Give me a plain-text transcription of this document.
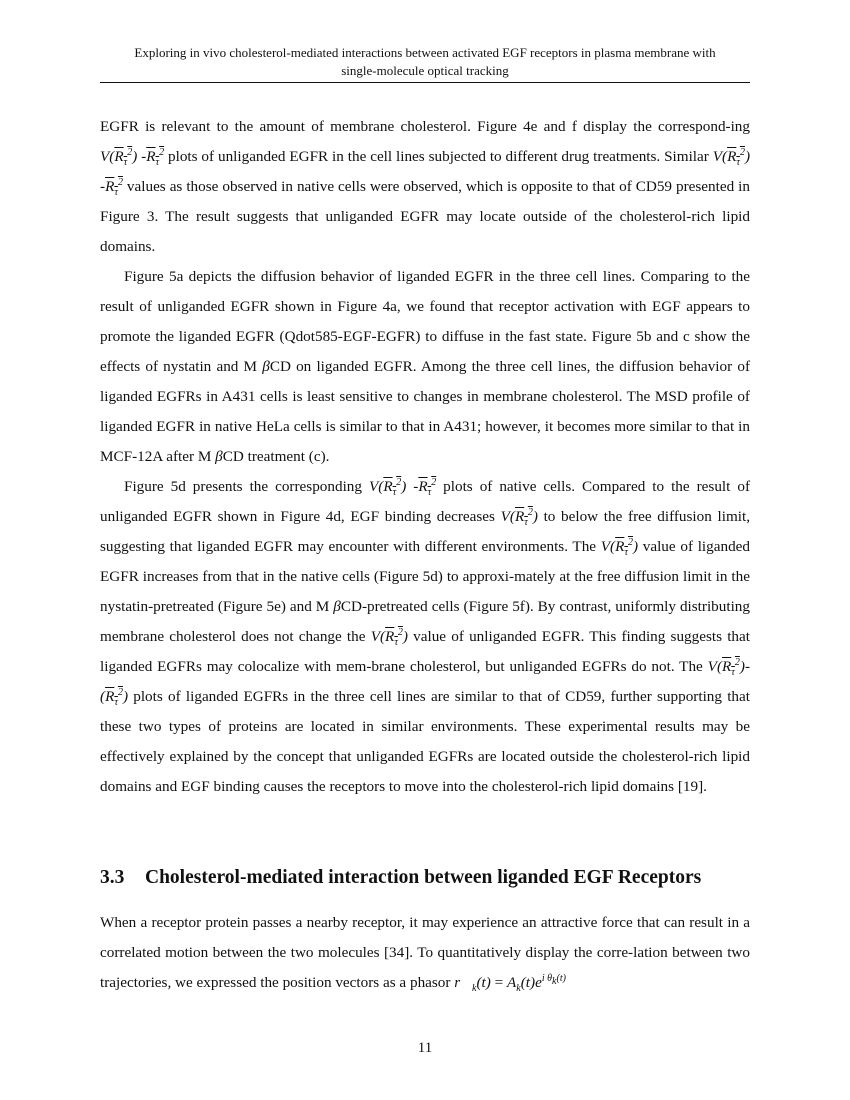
Exploring in vivo cholesterol-mediated interactions between activated EGF receptors in plasma membrane with
single-molecule optical tracking

EGFR is relevant to the amount of membrane cholesterol. Figure 4e and f display the correspond-ing $V(R_\tau^2)$ $-R_\tau^2$ plots of unliganded EGFR in the cell lines subjected to different drug treatments. Similar $V(R_\tau^2)$ $-R_\tau^2$ values as those observed in native cells were observed, which is opposite to that of CD59 presented in Figure 3. The result suggests that unliganded EGFR may locate outside of the cholesterol-rich lipid domains.

Figure 5a depicts the diffusion behavior of liganded EGFR in the three cell lines. Comparing to the result of unliganded EGFR shown in Figure 4a, we found that receptor activation with EGF appears to promote the liganded EGFR (Qdot585-EGF-EGFR) to diffuse in the fast state. Figure 5b and c show the effects of nystatin and M βCD on liganded EGFR. Among the three cell lines, the diffusion behavior of liganded EGFRs in A431 cells is least sensitive to changes in membrane cholesterol. The MSD profile of liganded EGFR in native HeLa cells is similar to that in A431; however, it becomes more similar to that in MCF-12A after M βCD treatment (c).

Figure 5d presents the corresponding $V(R_\tau^2)$ $-R_\tau^2$ plots of native cells. Compared to the result of unliganded EGFR shown in Figure 4d, EGF binding decreases $V(R_\tau^2)$ to below the free diffusion limit, suggesting that liganded EGFR may encounter with different environments. The $V(R_\tau^2)$ value of liganded EGFR increases from that in the native cells (Figure 5d) to approxi-mately at the free diffusion limit in the nystatin-pretreated (Figure 5e) and M βCD-pretreated cells (Figure 5f). By contrast, uniformly distributing membrane cholesterol does not change the $V(R_\tau^2)$ value of unliganded EGFR. This finding suggests that liganded EGFRs may colocalize with mem-brane cholesterol, but unliganded EGFRs do not. The $V(R_\tau^2)-$ $(R_\tau^2)$ plots of liganded EGFRs in the three cell lines are similar to that of CD59, further supporting that these two types of proteins are located in similar environments. These experimental results may be effectively explained by the concept that unliganded EGFRs are located outside the cholesterol-rich lipid domains and EGF binding causes the receptors to move into the cholesterol-rich lipid domains [19].

3.3 Cholesterol-mediated interaction between liganded EGF Receptors

When a receptor protein passes a nearby receptor, it may experience an attractive force that can result in a correlated motion between the two molecules [34]. To quantitatively display the corre-lation between two trajectories, we expressed the position vectors as a phasor $r_k(t) = A_k(t)e^{i \theta_k(t)}$

11
